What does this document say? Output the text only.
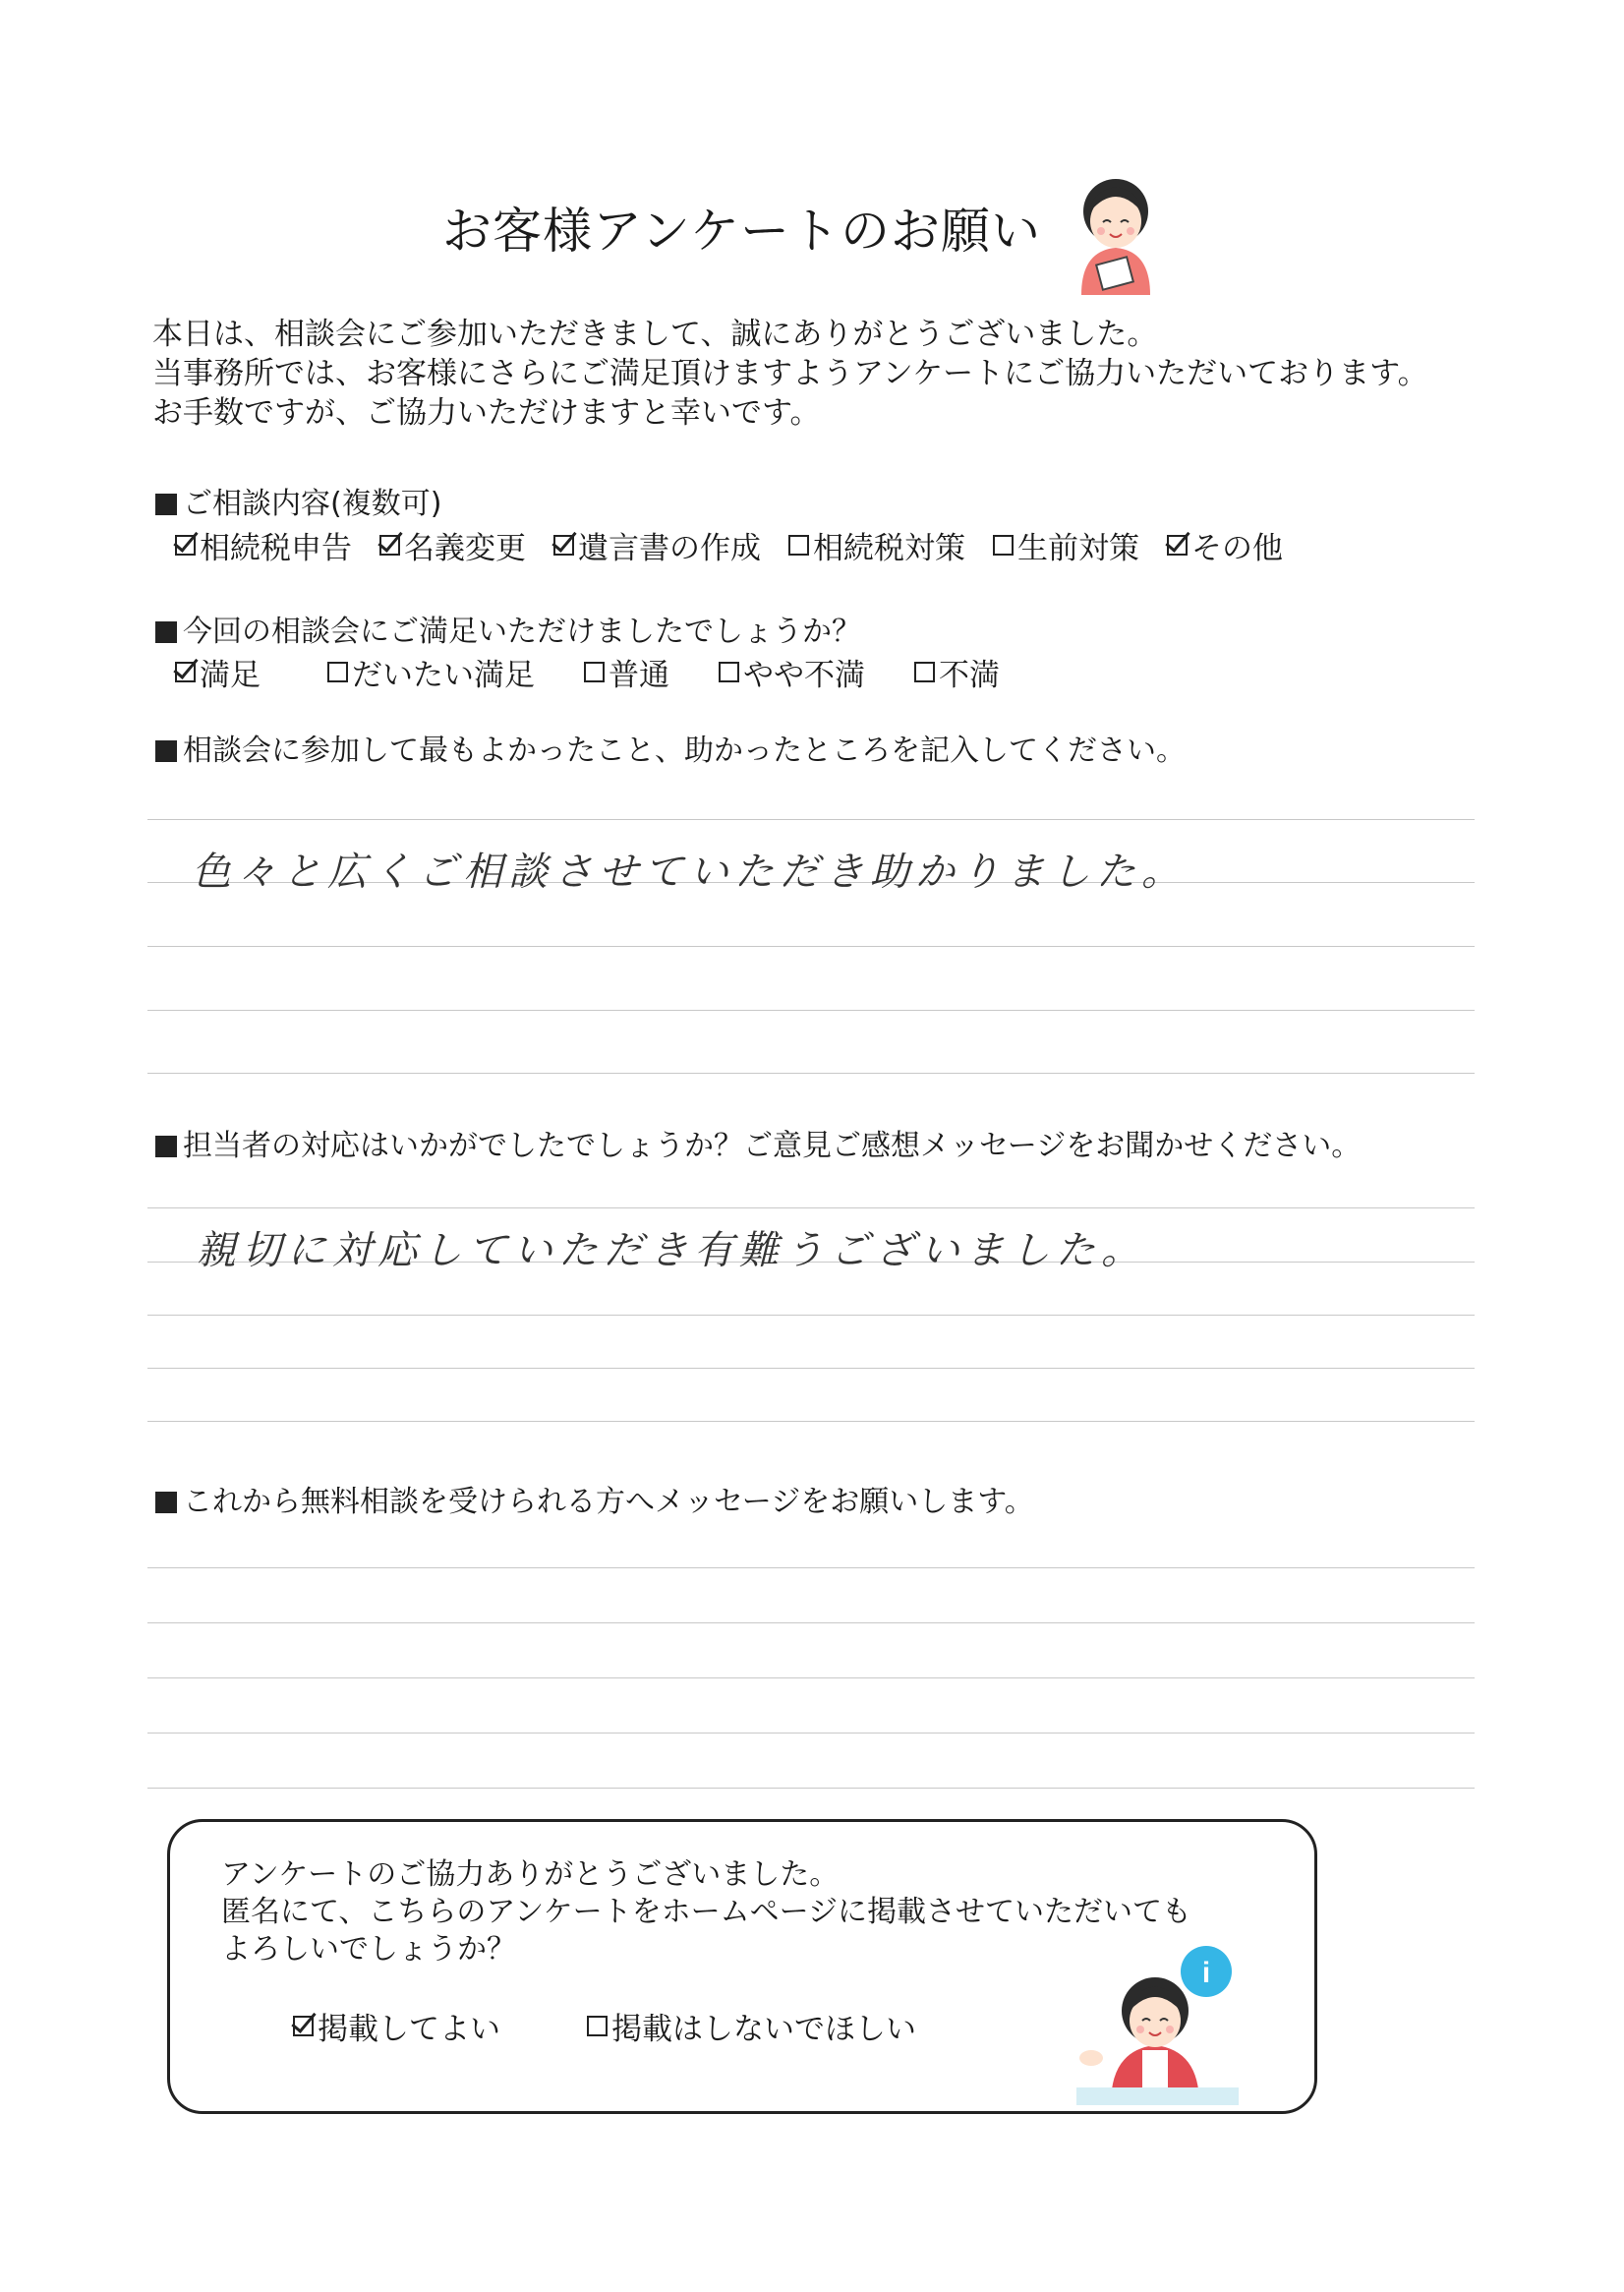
お客様アンケートのお願い
本日は、相談会にご参加いただきまして、誠にありがとうございました。
当事務所では、お客様にさらにご満足頂けますようアンケートにご協力いただいております。
お手数ですが、ご協力いただけますと幸いです。
ご相談内容(複数可)
相続税申告 名義変更 遺言書の作成 相続税対策 生前対策 その他
今回の相談会にご満足いただけましたでしょうか？
満足	だいたい満足 普通 やや不満 不満
相談会に参加して最もよかったこと、助かったところを記入してください。
色々と広くご相談させていただき助かりました。
担当者の対応はいかがでしたでしょうか？ご意見ご感想メッセージをお聞かせください。
親切に対応していただき有難うございました。
これから無料相談を受けられる方へメッセージをお願いします。
アンケートのご協力ありがとうございました。
匿名にて、こちらのアンケートをホームページに掲載させていただいても
よろしいでしょうか？
掲載してよい	掲載はしないでほしい
i
